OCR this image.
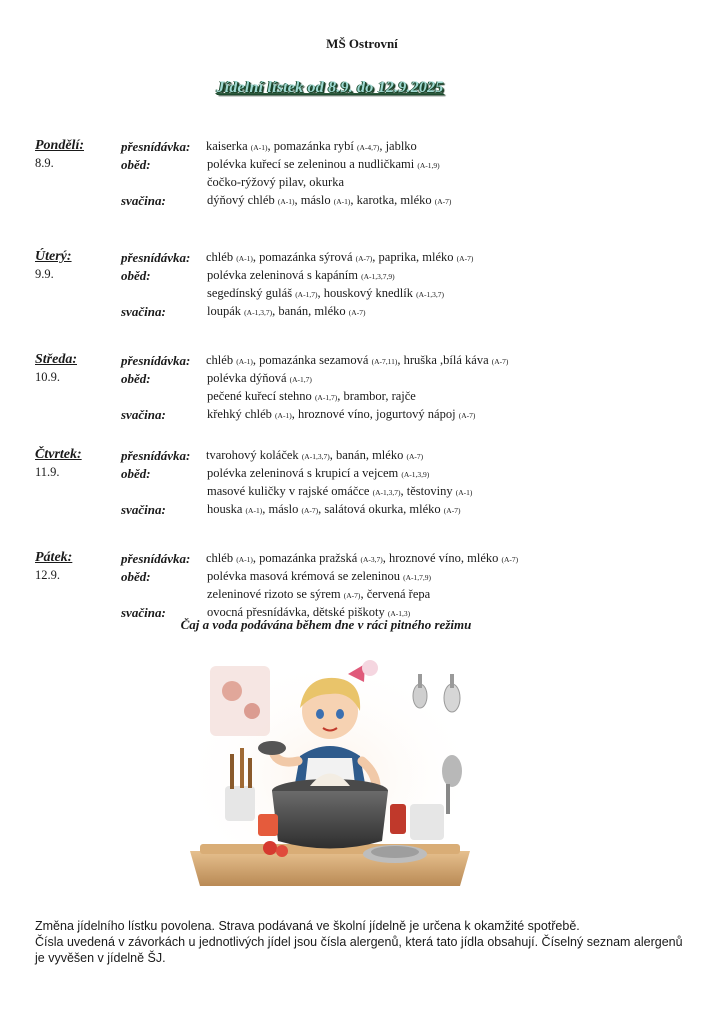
MŠ Ostrovní
Jídelní lístek od 8.9. do 12.9.2025
Pondělí:
8.9.
přesnídávka: kaiserka (A-1), pomazánka rybí (A-4,7), jablko
oběd:	polévka kuřecí se zeleninou a nudličkami (A-1,9)
čočko-rýžový pilav, okurka
svačina:	dýňový chléb (A-1), máslo (A-1), karotka, mléko (A-7)
Úterý:
9.9.
přesnídávka: chléb (A-1), pomazánka sýrová (A-7), paprika, mléko (A-7)
oběd:	polévka zeleninová s kapáním (A-1,3,7,9)
segedínský guláš (A-1,7), houskový knedlík (A-1,3,7)
svačina:	loupák (A-1,3,7), banán, mléko (A-7)
Středa:
10.9.
přesnídávka: chléb (A-1), pomazánka sezamová (A-7,11), hruška ,bílá káva (A-7)
oběd:	polévka dýňová (A-1,7)
pečené kuřecí stehno (A-1,7), brambor, rajče
svačina:	křehký chléb (A-1), hroznové víno, jogurtový nápoj (A-7)
Čtvrtek:
11.9.
přesnídávka: tvarohový koláček (A-1,3,7), banán, mléko (A-7)
oběd:	polévka zeleninová s krupicí a vejcem (A-1,3,9)
masové kuličky v rajské omáčce (A-1,3,7), těstoviny (A-1)
svačina:	houska (A-1), máslo (A-7), salátová okurka, mléko (A-7)
Pátek:
12.9.
přesnídávka: chléb (A-1), pomazánka pražská (A-3,7), hroznové víno, mléko (A-7)
oběd:	polévka masová krémová se zeleninou (A-1,7,9)
zeleninové rizoto se sýrem (A-7), červená řepa
svačina:	ovocná přesnídávka, dětské piškoty (A-1,3)
Čaj a voda podávána během dne v ráci pitného režimu

Změna jídelního lístku povolena. Strava podávaná ve školní jídelně je určena k okamžité spotřebě.

Čísla uvedená v závorkách u jednotlivých jídel jsou čísla alergenů, která tato jídla obsahují. Číselný seznam alergenů je vyvěšen v jídelně ŠJ.
